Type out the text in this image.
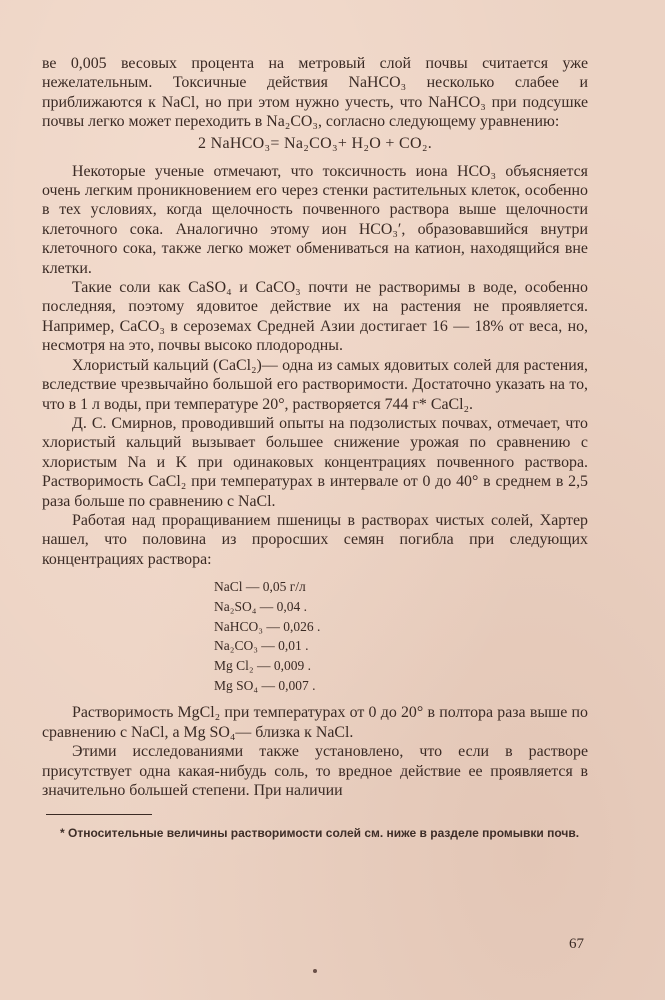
ве 0,005 весовых процента на метровый слой почвы считается уже нежелательным. Токсичные действия NaHCO₃ несколько слабее и приближаются к NaCl, но при этом нужно учесть, что NaHCO₃ при подсушке почвы легко может переходить в Na₂CO₃, согласно следующему уравнению:

2 NaHCO₃= Na₂CO₃+ H₂O + CO₂.

Некоторые ученые отмечают, что токсичность иона HCO₃ объясняется очень легким проникновением его через стенки растительных клеток, особенно в тех условиях, когда щелочность почвенного раствора выше щелочности клеточного сока. Аналогично этому ион HCO₃′, образовавшийся внутри клеточного сока, также легко может обмениваться на катион, находящийся вне клетки.

Такие соли как CaSO₄ и CaCO₃ почти не растворимы в воде, особенно последняя, поэтому ядовитое действие их на растения не проявляется. Например, CaCO₃ в сероземах Средней Азии достигает 16 — 18% от веса, но, несмотря на это, почвы высоко плодородны.

Хлористый кальций (CaCl₂)— одна из самых ядовитых солей для растения, вследствие чрезвычайно большой его растворимости. Достаточно указать на то, что в 1 л воды, при температуре 20°, растворяется 744 г* CaCl₂.

Д. С. Смирнов, проводивший опыты на подзолистых почвах, отмечает, что хлористый кальций вызывает большее снижение урожая по сравнению с хлористым Na и K при одинаковых концентрациях почвенного раствора. Растворимость CaCl₂ при температурах в интервале от 0 до 40° в среднем в 2,5 раза больше по сравнению с NaCl.

Работая над проращиванием пшеницы в растворах чистых солей, Хартер нашел, что половина из проросших семян погибла при следующих концентрациях раствора:

NaCl — 0,05 г/л
Na₂SO₄ — 0,04 .
NaHCO₃ — 0,026 .
Na₂CO₃ — 0,01 .
Mg Cl₂ — 0,009 .
Mg SO₄ — 0,007 .

Растворимость MgCl₂ при температурах от 0 до 20° в полтора раза выше по сравнению с NaCl, а Mg SO₄— близка к NaCl.

Этими исследованиями также установлено, что если в растворе присутствует одна какая-нибудь соль, то вредное действие ее проявляется в значительно большей степени. При наличии

* Относительные величины растворимости солей см. ниже в разделе промывки почв.

67
